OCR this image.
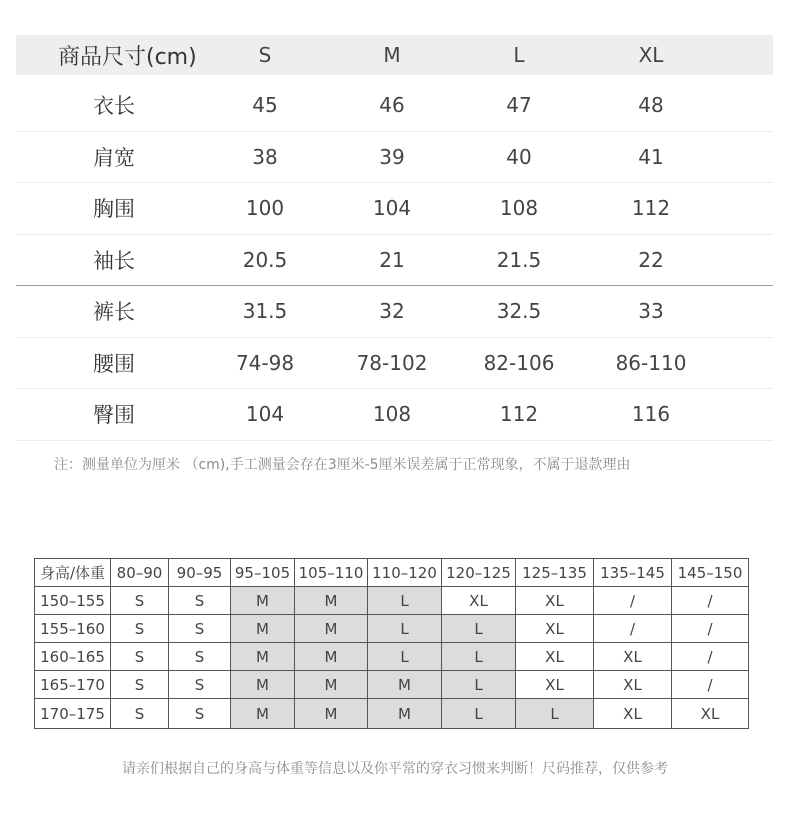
商品尺寸(cm)	S	M	L	XL
衣长	45	46	47	48
肩宽	38	39	40	41
胸围	100	104	108	112
袖长	20.5	21	21.5	22
裤长	31.5	32	32.5	33
腰围	74-98	78-102	82-106	86-110
臀围	104	108	112	116
注：测量单位为厘米 （cm),手工测量会存在3厘米-5厘米误差属于正常现象，不属于退款理由
身高/体重	80–90	90–95	95–105	105–110	110–120	120–125	125–135	135–145	145–150
150–155	S	S	M	M	L	XL	XL	/	/
155–160	S	S	M	M	L	L	XL	/	/
160–165	S	S	M	M	L	L	XL	XL	/
165–170	S	S	M	M	M	L	XL	XL	/
170–175	S	S	M	M	M	L	L	XL	XL
请亲们根据自己的身高与体重等信息以及你平常的穿衣习惯来判断！尺码推荐，仅供参考
